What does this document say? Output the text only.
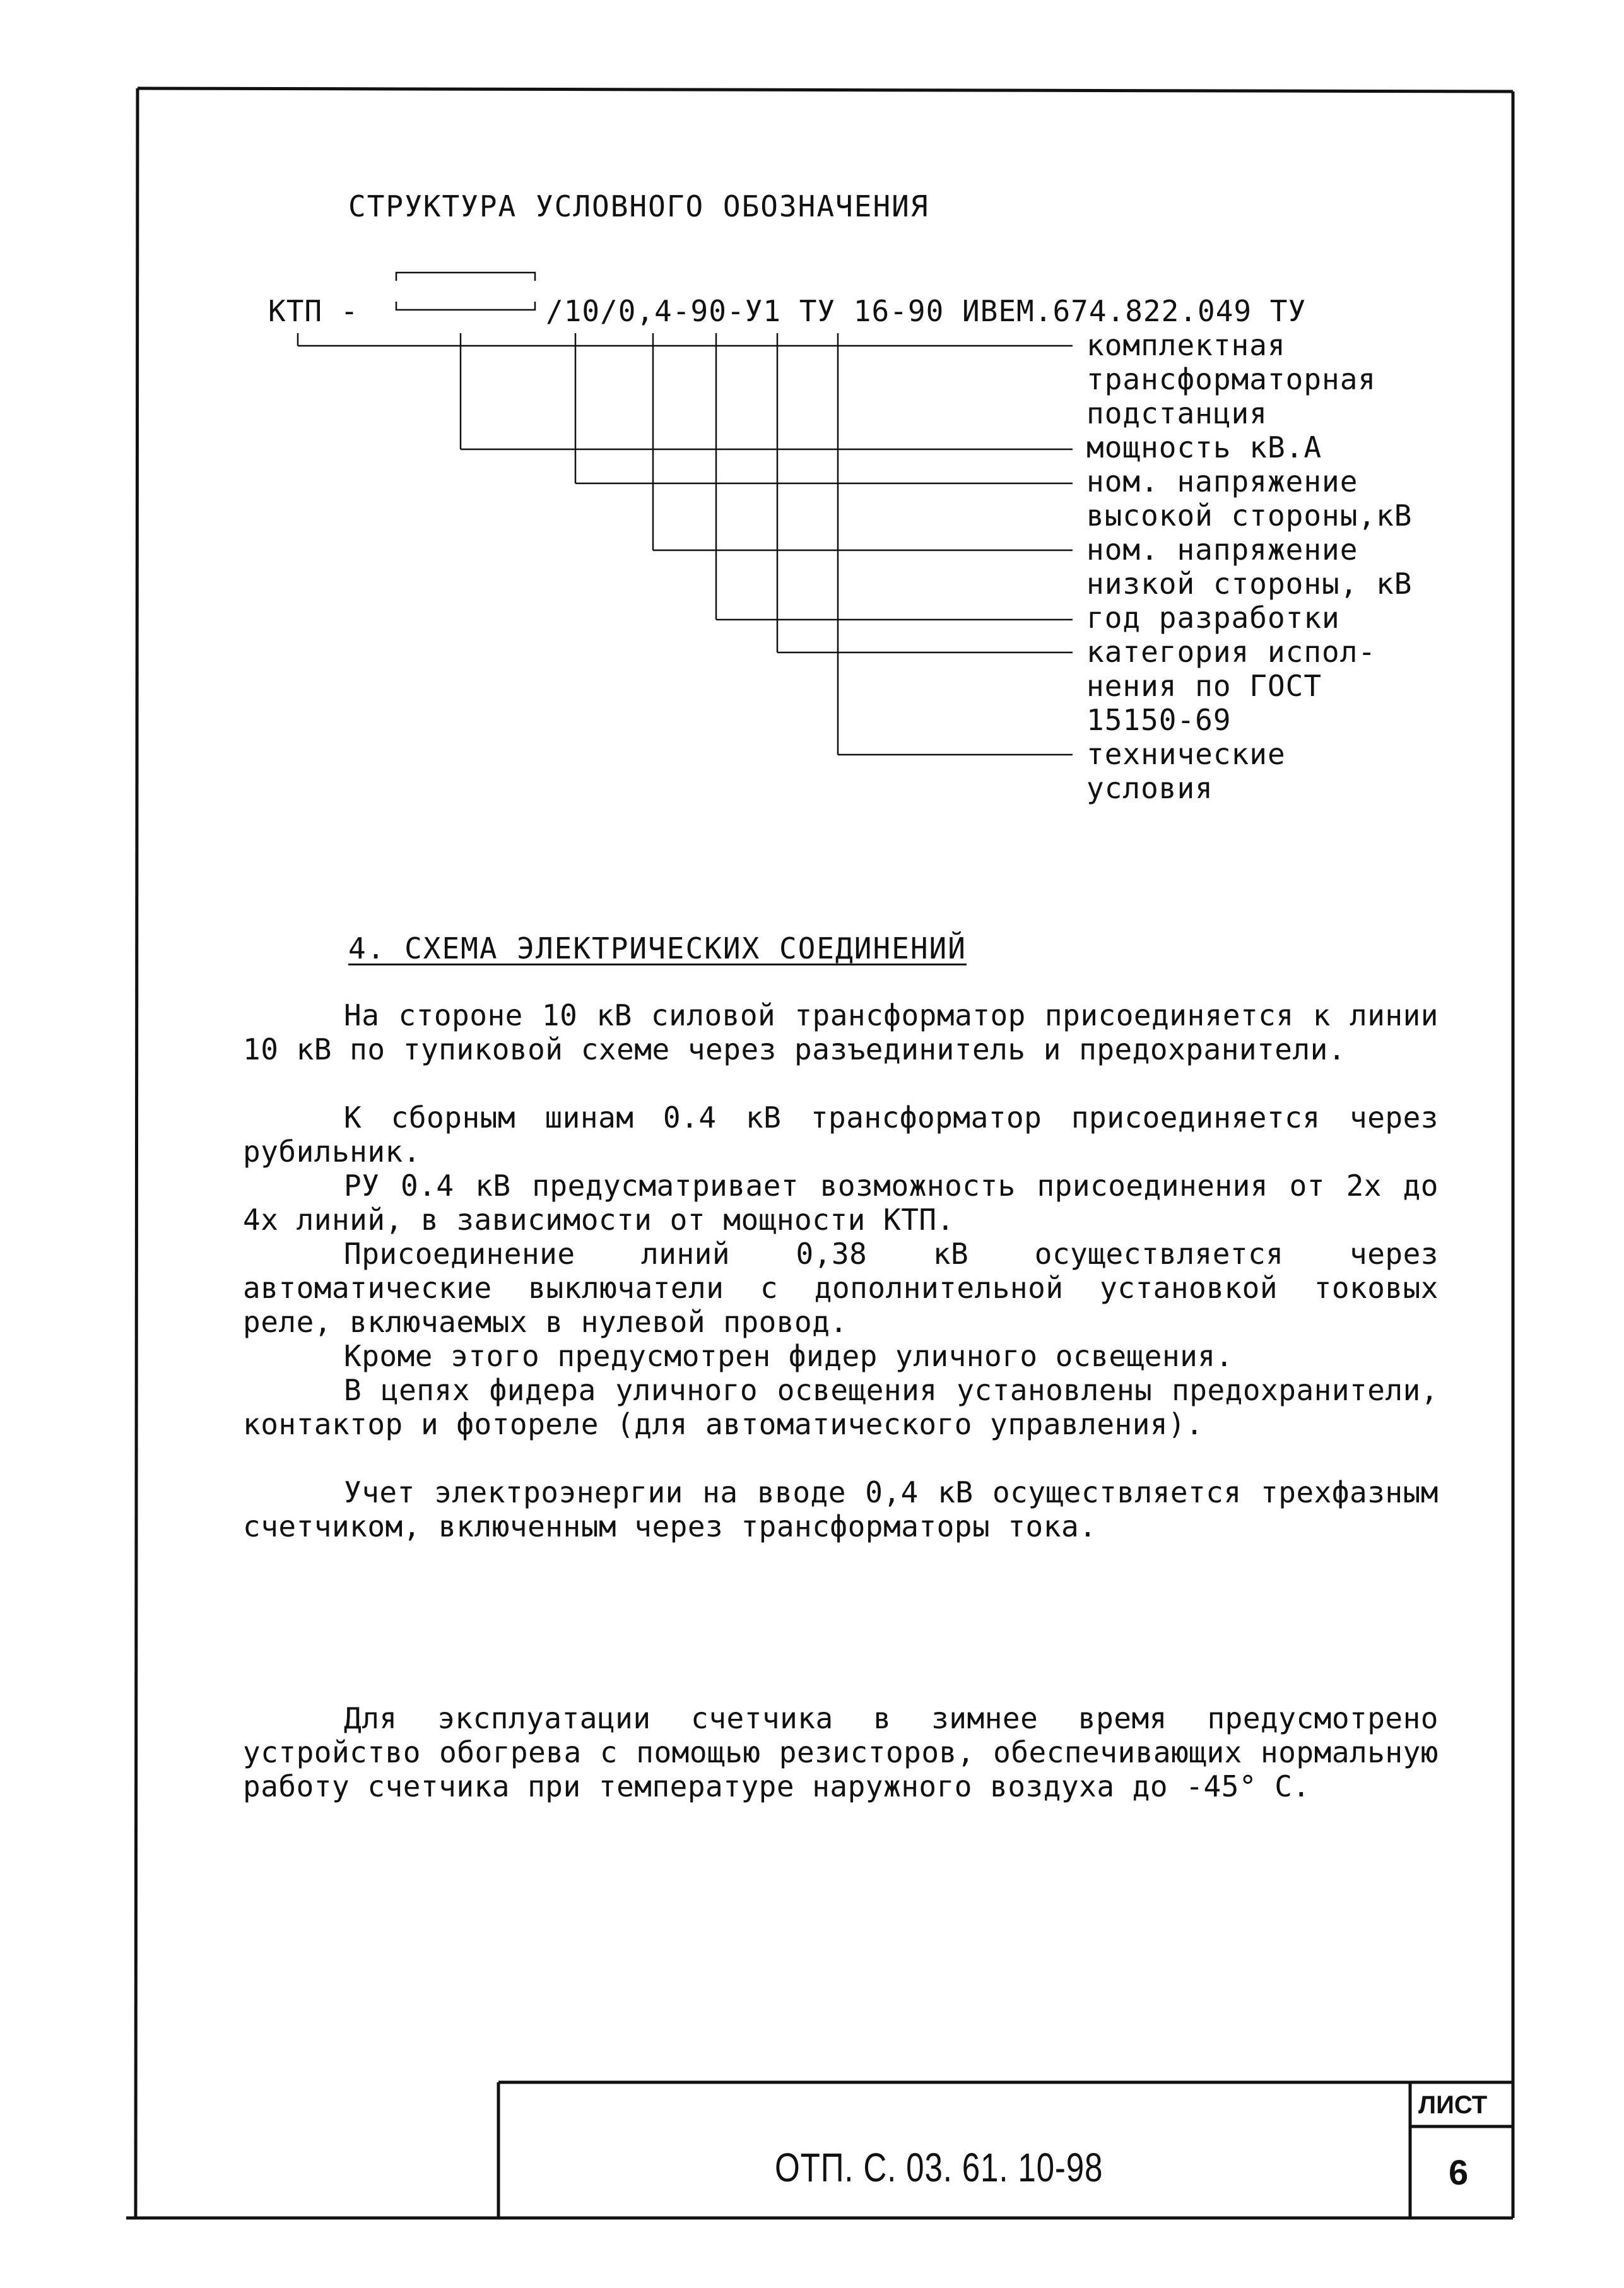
СТРУКТУРА УСЛОВНОГО ОБОЗНАЧЕНИЯ
КТП -	/10/0,4-90-У1 ТУ 16-90 ИВЕМ.674.822.049 ТУ
комплектная
трансформаторная
подстанция
мощность кВ.А
ном. напряжение
высокой стороны,кВ
ном. напряжение
низкой стороны, кВ
год разработки
категория испол-
нения по ГОСТ
15150-69
технические
условия
4. СХЕМА ЭЛЕКТРИЧЕСКИХ СОЕДИНЕНИЙ

На стороне 10 кВ силовой трансформатор присоединяется к линии 10 кВ по тупиковой схеме через разъединитель и предохранители.

К сборным шинам 0.4 кВ трансформатор присоединяется через рубильник.

РУ 0.4 кВ предусматривает возможность присоединения от 2х до 4х линий, в зависимости от мощности КТП.

Присоединение линий 0,38 кВ осуществляется через автоматические выключатели с дополнительной установкой токовых реле, включаемых в нулевой провод.

Кроме этого предусмотрен фидер уличного освещения.

В цепях фидера уличного освещения установлены предохранители, контактор и фотореле (для автоматического управления).

Учет электроэнергии на вводе 0,4 кВ осуществляется трехфазным счетчиком, включенным через трансформаторы тока.

Для эксплуатации счетчика в зимнее время предусмотрено устройство обогрева с помощью резисторов, обеспечивающих нормальную работу счетчика при температуре наружного воздуха до -45° С.

ОТП. С. 03. 61. 10-98
ЛИСТ
6
